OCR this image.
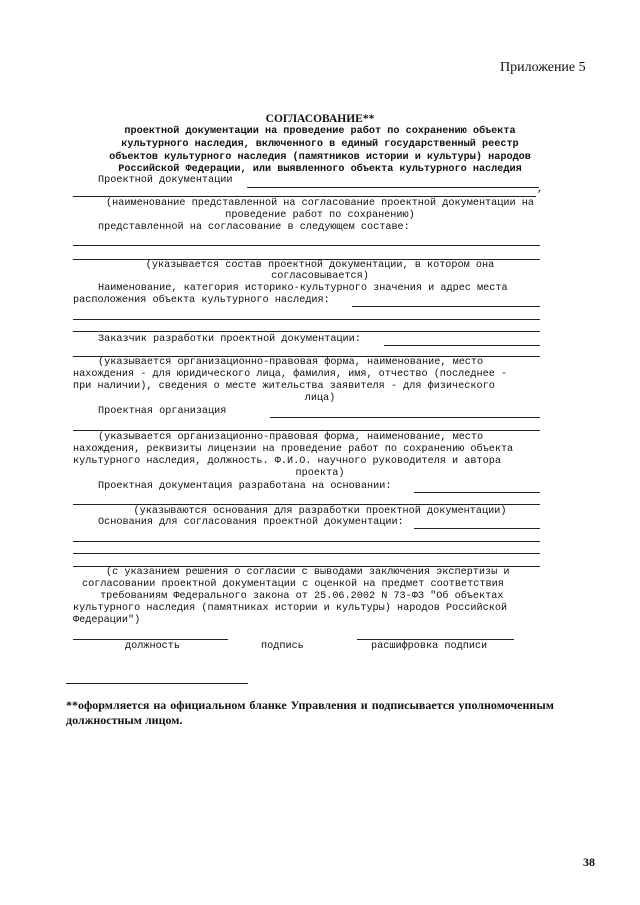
Приложение 5
СОГЛАСОВАНИЕ**
проектной документации на проведение работ по сохранению объекта
культурного наследия, включенного в единый государственный реестр
объектов культурного наследия (памятников истории и культуры) народов
Российской Федерации, или выявленного объекта культурного наследия
Проектной документации
,
(наименование представленной на согласование проектной документации на
проведение работ по сохранению)
представленной на согласование в следующем составе:
(указывается состав проектной документации, в котором она
согласовывается)
Наименование, категория историко-культурного значения и адрес места
расположения объекта культурного наследия:
Заказчик разработки проектной документации:
(указывается организационно-правовая форма, наименование, место
нахождения - для юридического лица, фамилия, имя, отчество (последнее -
при наличии), сведения о месте жительства заявителя - для физического
лица)
Проектная организация
(указывается организационно-правовая форма, наименование, место
нахождения, реквизиты лицензии на проведение работ по сохранению объекта
культурного наследия, должность. Ф.И.О. научного руководителя и автора
проекта)
Проектная документация разработана на основании:
(указываются основания для разработки проектной документации)
Основания для согласования проектной документации:
(с указанием решения о согласии с выводами заключения экспертизы и
согласовании проектной документации с оценкой на предмет соответствия
требованиям Федерального закона от 25.06.2002 N 73-ФЗ "Об объектах
культурного наследия (памятниках истории и культуры) народов Российской
Федерации")
должность	подпись	расшифровка подписи
**оформляется на официальном бланке Управления и подписывается уполномоченным
должностным лицом.
38
